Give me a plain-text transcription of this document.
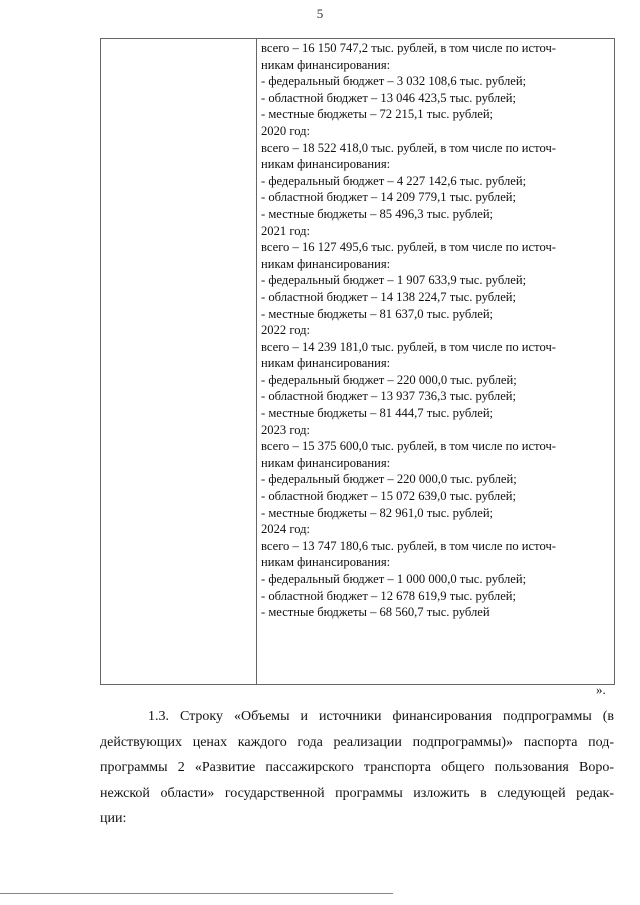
5
всего – 16 150 747,2 тыс. рублей, в том числе по источ-
никам финансирования:
- федеральный бюджет – 3 032 108,6 тыс. рублей;
- областной бюджет – 13 046 423,5 тыс. рублей;
- местные бюджеты – 72 215,1 тыс. рублей;
2020 год:
всего – 18 522 418,0 тыс. рублей, в том числе по источ-
никам финансирования:
- федеральный бюджет – 4 227 142,6 тыс. рублей;
- областной бюджет – 14 209 779,1 тыс. рублей;
- местные бюджеты – 85 496,3 тыс. рублей;
2021 год:
всего – 16 127 495,6 тыс. рублей, в том числе по источ-
никам финансирования:
- федеральный бюджет – 1 907 633,9 тыс. рублей;
- областной бюджет – 14 138 224,7 тыс. рублей;
- местные бюджеты – 81 637,0 тыс. рублей;
2022 год:
всего – 14 239 181,0 тыс. рублей, в том числе по источ-
никам финансирования:
- федеральный бюджет – 220 000,0 тыс. рублей;
- областной бюджет – 13 937 736,3 тыс. рублей;
- местные бюджеты – 81 444,7 тыс. рублей;
2023 год:
всего – 15 375 600,0 тыс. рублей, в том числе по источ-
никам финансирования:
- федеральный бюджет – 220 000,0 тыс. рублей;
- областной бюджет – 15 072 639,0 тыс. рублей;
- местные бюджеты – 82 961,0 тыс. рублей;
2024 год:
всего – 13 747 180,6 тыс. рублей, в том числе по источ-
никам финансирования:
- федеральный бюджет – 1 000 000,0 тыс. рублей;
- областной бюджет – 12 678 619,9 тыс. рублей;
- местные бюджеты – 68 560,7 тыс. рублей
».
1.3. Строку «Объемы и источники финансирования подпрограммы (в
действующих ценах каждого года реализации подпрограммы)» паспорта под-
программы 2 «Развитие пассажирского транспорта общего пользования Воро-
нежской области» государственной программы изложить в следующей редак-
ции:
